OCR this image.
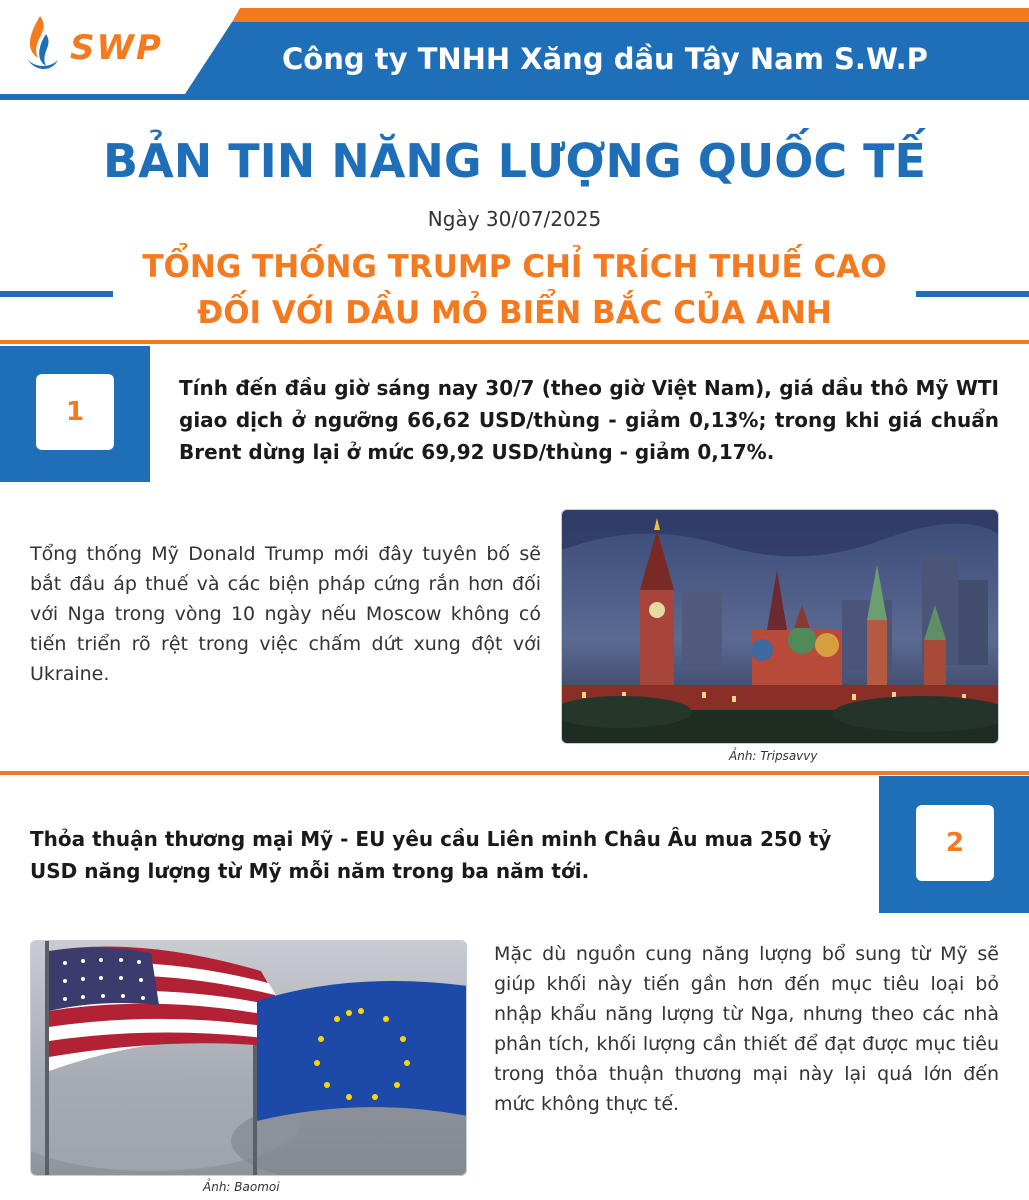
SWP	Công ty TNHH Xăng dầu Tây Nam S.W.P
BẢN TIN NĂNG LƯỢNG QUỐC TẾ
Ngày 30/07/2025
TỔNG THỐNG TRUMP CHỈ TRÍCH THUẾ CAO
ĐỐI VỚI DẦU MỎ BIỂN BẮC CỦA ANH
1
Tính đến đầu giờ sáng nay 30/7 (theo giờ Việt Nam), giá dầu thô Mỹ WTI giao dịch ở ngưỡng 66,62 USD/thùng - giảm 0,13%; trong khi giá chuẩn Brent dừng lại ở mức 69,92 USD/thùng - giảm 0,17%.
Tổng thống Mỹ Donald Trump mới đây tuyên bố sẽ bắt đầu áp thuế và các biện pháp cứng rắn hơn đối với Nga trong vòng 10 ngày nếu Moscow không có tiến triển rõ rệt trong việc chấm dứt xung đột với Ukraine.
Ảnh: Tripsavvy
2
Thỏa thuận thương mại Mỹ - EU yêu cầu Liên minh Châu Âu mua 250 tỷ USD năng lượng từ Mỹ mỗi năm trong ba năm tới.
Ảnh: Baomoi
Mặc dù nguồn cung năng lượng bổ sung từ Mỹ sẽ giúp khối này tiến gần hơn đến mục tiêu loại bỏ nhập khẩu năng lượng từ Nga, nhưng theo các nhà phân tích, khối lượng cần thiết để đạt được mục tiêu trong thỏa thuận thương mại này lại quá lớn đến mức không thực tế.
